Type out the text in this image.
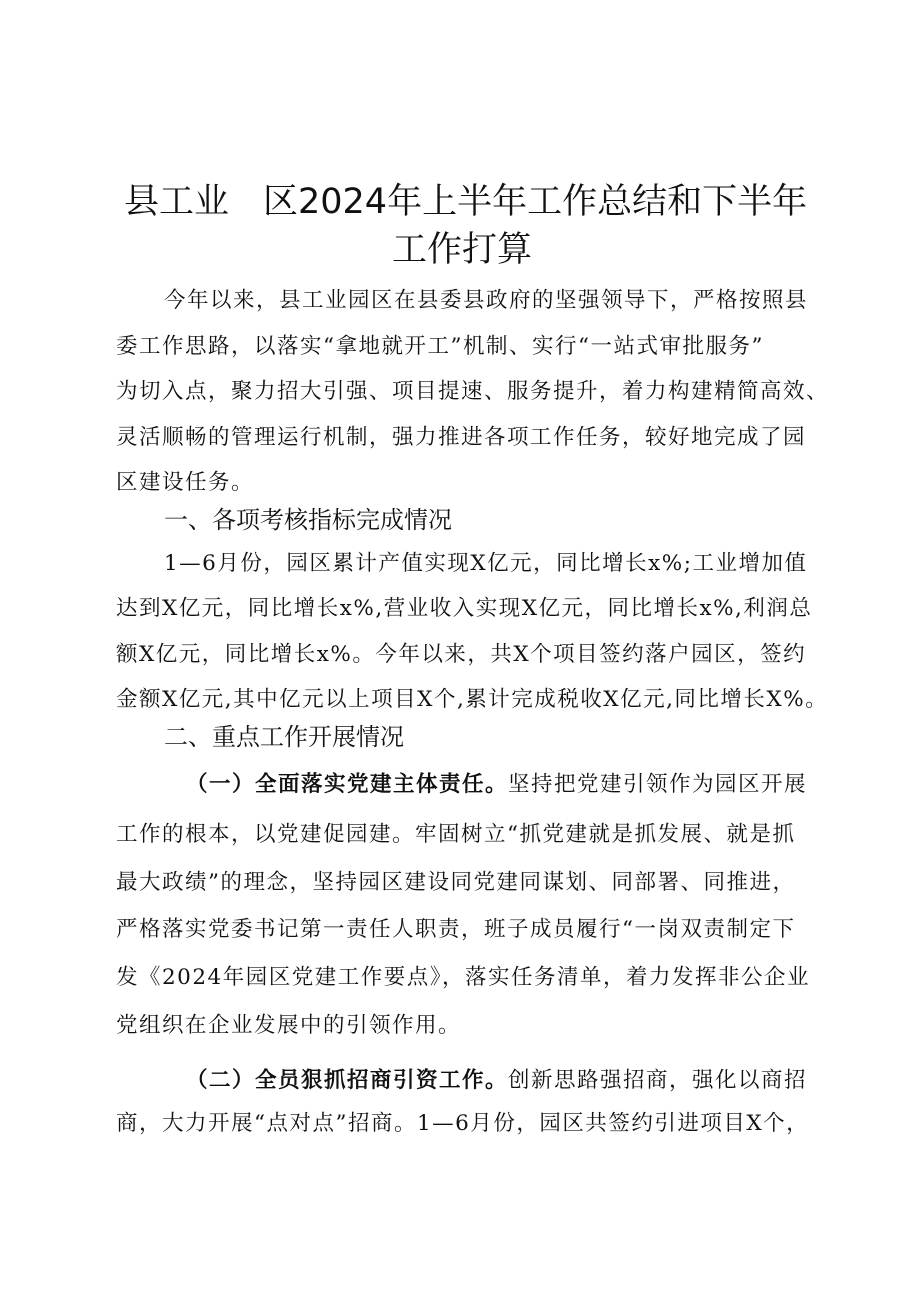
县工业 区2024年上半年工作总结和下半年
工作打算
今年以来，县工业园区在县委县政府的坚强领导下，严格按照县
委工作思路，以落实“拿地就开工”机制、实行“一站式审批服务”
为切入点，聚力招大引强、项目提速、服务提升，着力构建精简高效、
灵活顺畅的管理运行机制，强力推进各项工作任务，较好地完成了园
区建设任务。
一、各项考核指标完成情况
1—6月份，园区累计产值实现X亿元，同比增长x%;工业增加值
达到X亿元，同比增长x%,营业收入实现X亿元，同比增长x%,利润总
额X亿元，同比增长x%。今年以来，共X个项目签约落户园区，签约
金额X亿元,其中亿元以上项目X个,累计完成税收X亿元,同比增长X%。
二、重点工作开展情况
（一）全面落实党建主体责任。坚持把党建引领作为园区开展
工作的根本，以党建促园建。牢固树立“抓党建就是抓发展、就是抓
最大政绩”的理念，坚持园区建设同党建同谋划、同部署、同推进，
严格落实党委书记第一责任人职责，班子成员履行“一岗双责制定下
发《2024年园区党建工作要点》，落实任务清单，着力发挥非公企业
党组织在企业发展中的引领作用。
（二）全员狠抓招商引资工作。创新思路强招商，强化以商招
商，大力开展“点对点”招商。1—6月份，园区共签约引进项目X个，
